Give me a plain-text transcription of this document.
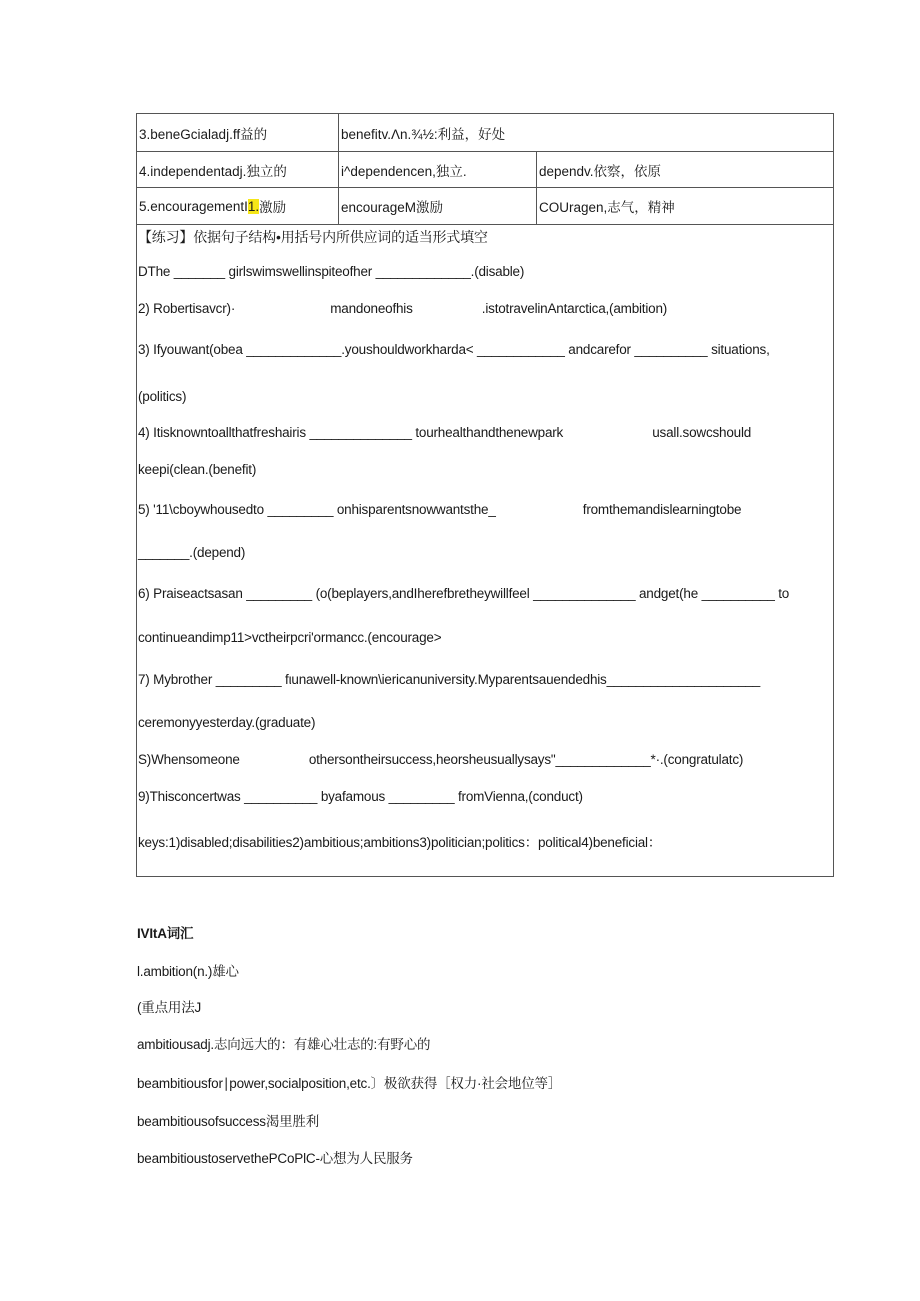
3.beneGcialadj.ff益的	benefitv.Λn.¾½:利益，好处
4.independentadj.独立的	i^dependencen,独立.	dependv.依察，依原
5.encouragementI 1. 激励	encourageM激励	COUragen,志气，精神
【练习】依据句子结构•用括号内所供应词的适当形式填空
DThe _______ girlswimswellinspiteofher _____________.(disable)
2) Robertisavcr)·	mandoneofhis	.istotravelinAntarctica,(ambition)
3) Ifyouwant(obea _____________.youshouldworkharda< ____________ andcarefor __________ situations,
(politics)
4) Itisknowntoallthatfreshairis ______________ tourhealthandthenewpark	usall.sowcshould
keepi(clean.(benefit)
5) '11\cboywhousedto _________ onhisparentsnowwantsthe_	fromthemandislearningtobe
_______.(depend)
6) Praiseactsasan _________ (o(beplayers,andIherefbretheywillfeel ______________ andget(he __________ to
continueandimp11>vctheirpcri'ormancc.(encourage>
7) Mybrother _________ fιunawell-known\iericanuniversity.Myparentsauendedhis_____________________
ceremonyyesterday.(graduate)
S)Whensomeone	othersontheirsuccess,heorsheusuallysays"_____________*·.(congratulatc)
9)Thisconcertwas __________ byafamous _________ fromVienna,(conduct)
keys:1)disabled;disabilities2)ambitious;ambitions3)politician;politics：political4)beneficial：
IVItA词汇
l.ambition(n.)雄心
(重点用法J
ambitiousadj.志向远大的：有雄心壮志的:有野心的
beambitiousfor∣power,socialposition,etc.〕极欲获得［权力·社会地位等］
beambitiousofsuccess渴里胜利
beambitioustoservethePCoPlC-心想为人民服务
